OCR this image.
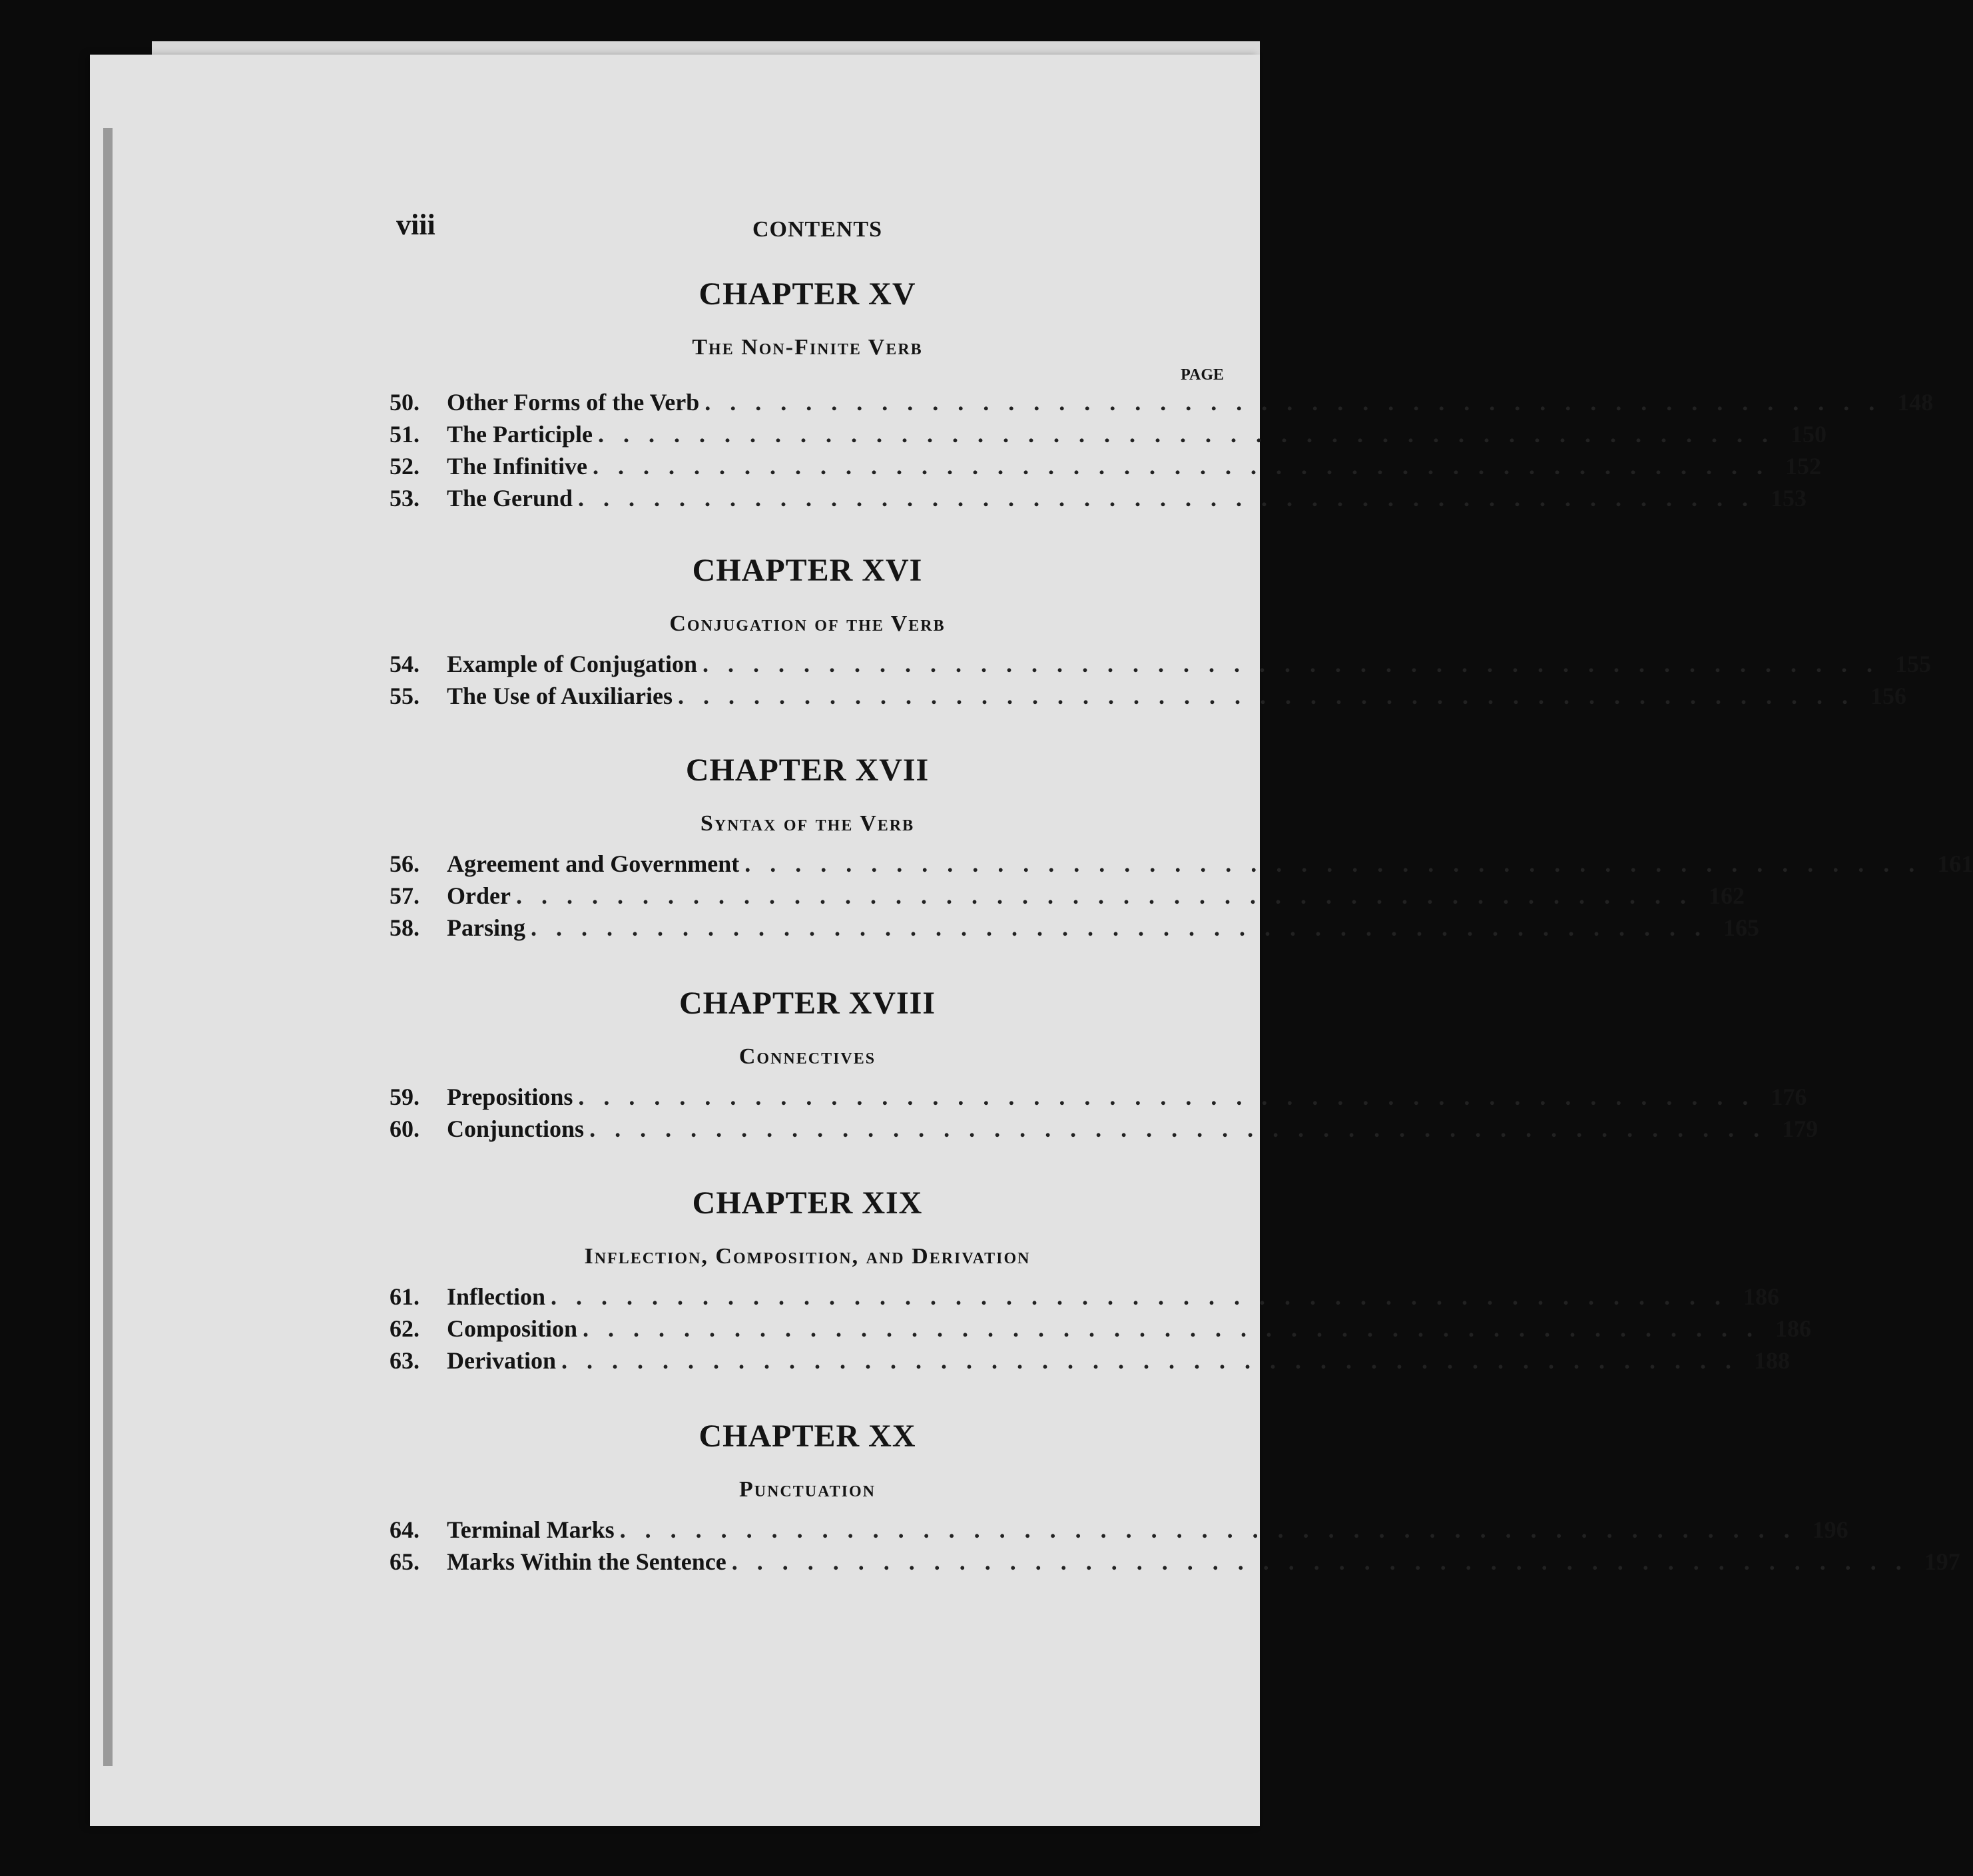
viii	CONTENTS
CHAPTER XV
The Non-Finite Verb
PAGE
50.	Other Forms of the Verb . . . . . . . . . . . . . . . . . . . . . . . . . . . . . . . . . . . . . . . . . . . . . . . 148
51.	The Participle . . . . . . . . . . . . . . . . . . . . . . . . . . . . . . . . . . . . . . . . . . . . . . . 150
52.	The Infinitive . . . . . . . . . . . . . . . . . . . . . . . . . . . . . . . . . . . . . . . . . . . . . . . 152
53.	The Gerund . . . . . . . . . . . . . . . . . . . . . . . . . . . . . . . . . . . . . . . . . . . . . . . 153
CHAPTER XVI
Conjugation of the Verb
54.	Example of Conjugation . . . . . . . . . . . . . . . . . . . . . . . . . . . . . . . . . . . . . . . . . . . . . . . 155
55.	The Use of Auxiliaries . . . . . . . . . . . . . . . . . . . . . . . . . . . . . . . . . . . . . . . . . . . . . . . 156
CHAPTER XVII
Syntax of the Verb
56.	Agreement and Government . . . . . . . . . . . . . . . . . . . . . . . . . . . . . . . . . . . . . . . . . . . . . . . 161
57.	Order . . . . . . . . . . . . . . . . . . . . . . . . . . . . . . . . . . . . . . . . . . . . . . . 162
58.	Parsing . . . . . . . . . . . . . . . . . . . . . . . . . . . . . . . . . . . . . . . . . . . . . . . 165
CHAPTER XVIII
Connectives
59.	Prepositions . . . . . . . . . . . . . . . . . . . . . . . . . . . . . . . . . . . . . . . . . . . . . . . 176
60.	Conjunctions . . . . . . . . . . . . . . . . . . . . . . . . . . . . . . . . . . . . . . . . . . . . . . . 179
CHAPTER XIX
Inflection, Composition, and Derivation
61.	Inflection . . . . . . . . . . . . . . . . . . . . . . . . . . . . . . . . . . . . . . . . . . . . . . . 186
62.	Composition . . . . . . . . . . . . . . . . . . . . . . . . . . . . . . . . . . . . . . . . . . . . . . . 186
63.	Derivation . . . . . . . . . . . . . . . . . . . . . . . . . . . . . . . . . . . . . . . . . . . . . . . 188
CHAPTER XX
Punctuation
64.	Terminal Marks . . . . . . . . . . . . . . . . . . . . . . . . . . . . . . . . . . . . . . . . . . . . . . . 196
65.	Marks Within the Sentence . . . . . . . . . . . . . . . . . . . . . . . . . . . . . . . . . . . . . . . . . . . . . . . 197
